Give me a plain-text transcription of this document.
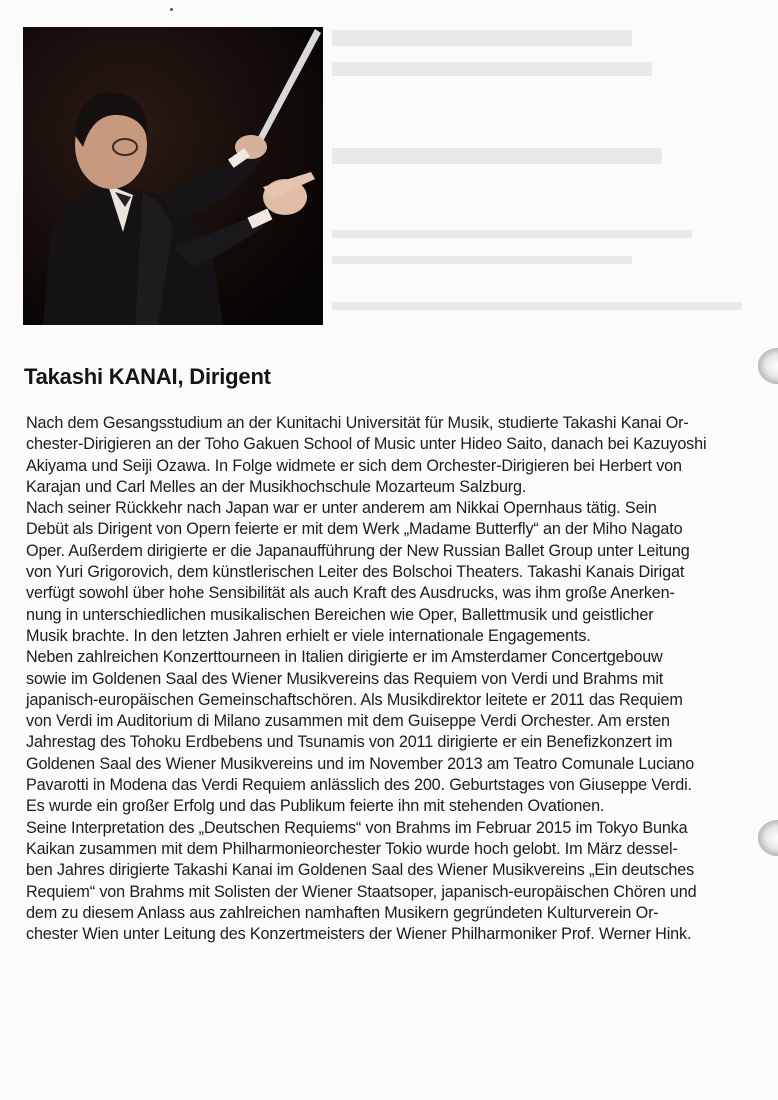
Takashi KANAI, Dirigent
Nach dem Gesangsstudium an der Kunitachi Universität für Musik, studierte Takashi Kanai Or-
chester-Dirigieren an der Toho Gakuen School of Music unter Hideo Saito, danach bei Kazuyoshi
Akiyama und Seiji Ozawa. In Folge widmete er sich dem Orchester-Dirigieren bei Herbert von
Karajan und Carl Melles an der Musikhochschule Mozarteum Salzburg.
Nach seiner Rückkehr nach Japan war er unter anderem am Nikkai Opernhaus tätig. Sein
Debüt als Dirigent von Opern feierte er mit dem Werk „Madame Butterfly“ an der Miho Nagato
Oper. Außerdem dirigierte er die Japanaufführung der New Russian Ballet Group unter Leitung
von Yuri Grigorovich, dem künstlerischen Leiter des Bolschoi Theaters. Takashi Kanais Dirigat
verfügt sowohl über hohe Sensibilität als auch Kraft des Ausdrucks, was ihm große Anerken-
nung in unterschiedlichen musikalischen Bereichen wie Oper, Ballettmusik und geistlicher
Musik brachte. In den letzten Jahren erhielt er viele internationale Engagements.
Neben zahlreichen Konzerttourneen in Italien dirigierte er im Amsterdamer Concertgebouw
sowie im Goldenen Saal des Wiener Musikvereins das Requiem von Verdi und Brahms mit
japanisch-europäischen Gemeinschaftschören. Als Musikdirektor leitete er 2011 das Requiem
von Verdi im Auditorium di Milano zusammen mit dem Guiseppe Verdi Orchester. Am ersten
Jahrestag des Tohoku Erdbebens und Tsunamis von 2011 dirigierte er ein Benefizkonzert im
Goldenen Saal des Wiener Musikvereins und im November 2013 am Teatro Comunale Luciano
Pavarotti in Modena das Verdi Requiem anlässlich des 200. Geburtstages von Giuseppe Verdi.
Es wurde ein großer Erfolg und das Publikum feierte ihn mit stehenden Ovationen.
Seine Interpretation des „Deutschen Requiems“ von Brahms im Februar 2015 im Tokyo Bunka
Kaikan zusammen mit dem Philharmonieorchester Tokio wurde hoch gelobt. Im März dessel-
ben Jahres dirigierte Takashi Kanai im Goldenen Saal des Wiener Musikvereins „Ein deutsches
Requiem“ von Brahms mit Solisten der Wiener Staatsoper, japanisch-europäischen Chören und
dem zu diesem Anlass aus zahlreichen namhaften Musikern gegründeten Kulturverein Or-
chester Wien unter Leitung des Konzertmeisters der Wiener Philharmoniker Prof. Werner Hink.
